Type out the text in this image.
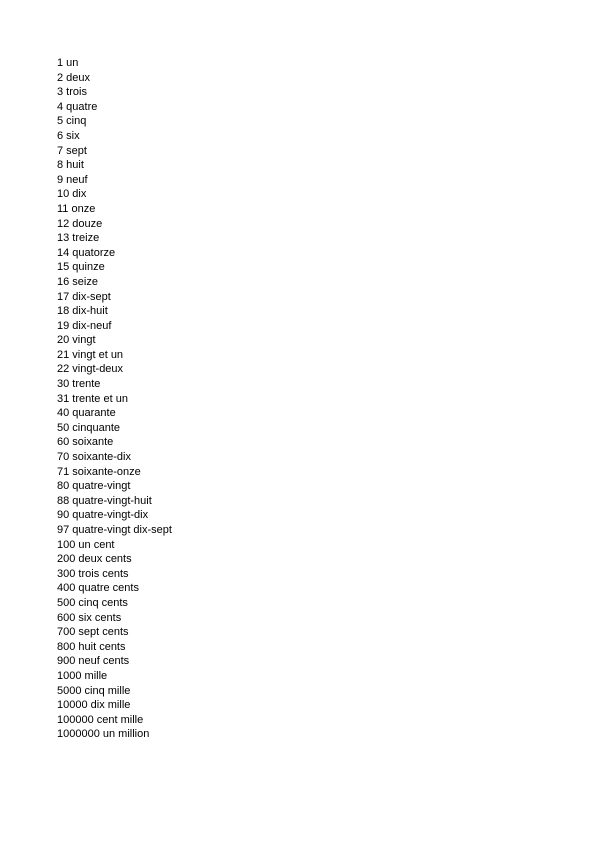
1 un
2 deux
3 trois
4 quatre
5 cinq
6 six
7 sept
8 huit
9 neuf
10 dix
11 onze
12 douze
13 treize
14 quatorze
15 quinze
16 seize
17 dix-sept
18 dix-huit
19 dix-neuf
20 vingt
21 vingt et un
22 vingt-deux
30 trente
31 trente et un
40 quarante
50 cinquante
60 soixante
70 soixante-dix
71 soixante-onze
80 quatre-vingt
88 quatre-vingt-huit
90 quatre-vingt-dix
97 quatre-vingt dix-sept
100 un cent
200 deux cents
300 trois cents
400 quatre cents
500 cinq cents
600 six cents
700 sept cents
800 huit cents
900 neuf cents
1000 mille
5000 cinq mille
10000 dix mille
100000 cent mille
1000000 un million
